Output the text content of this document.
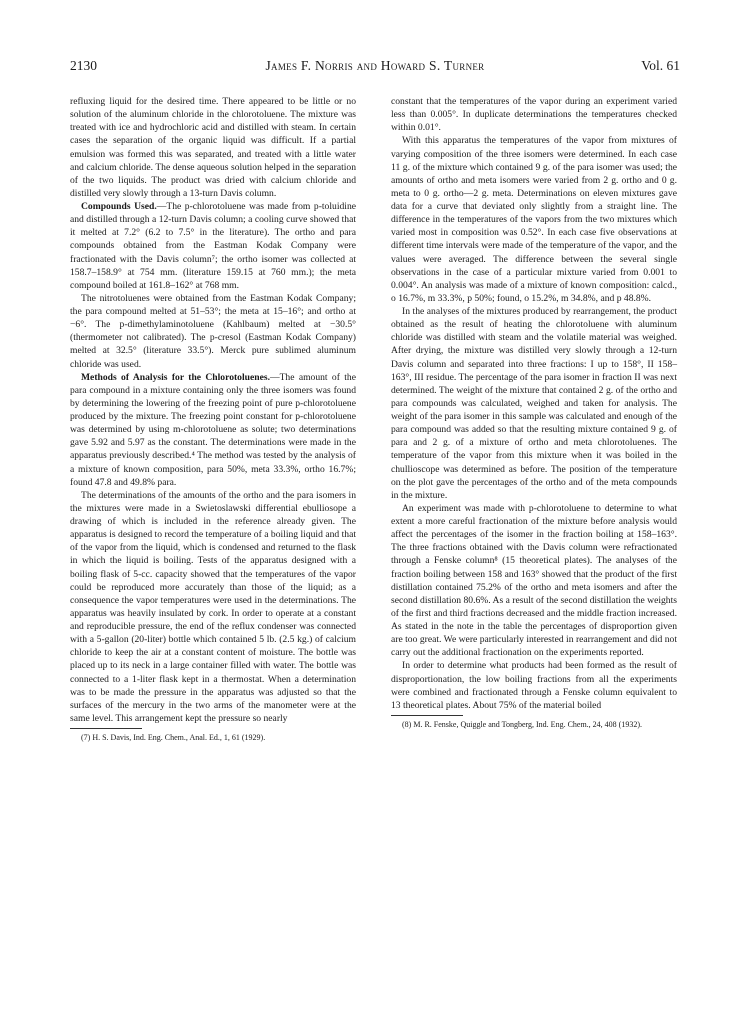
2130	James F. Norris and Howard S. Turner	Vol. 61

refluxing liquid for the desired time. There appeared to be little or no solution of the aluminum chloride in the chlorotoluene. The mixture was treated with ice and hydrochloric acid and distilled with steam. In certain cases the separation of the organic liquid was difficult. If a partial emulsion was formed this was separated, and treated with a little water and calcium chloride. The dense aqueous solution helped in the separation of the two liquids. The product was dried with calcium chloride and distilled very slowly through a 13-turn Davis column.

Compounds Used.—The p-chlorotoluene was made from p-toluidine and distilled through a 12-turn Davis column; a cooling curve showed that it melted at 7.2° (6.2 to 7.5° in the literature). The ortho and para compounds obtained from the Eastman Kodak Company were fractionated with the Davis column⁷; the ortho isomer was collected at 158.7–158.9° at 754 mm. (literature 159.15 at 760 mm.); the meta compound boiled at 161.8–162° at 768 mm.

The nitrotoluenes were obtained from the Eastman Kodak Company; the para compound melted at 51–53°; the meta at 15–16°; and ortho at −6°. The p-dimethylaminotoluene (Kahlbaum) melted at −30.5° (thermometer not calibrated). The p-cresol (Eastman Kodak Company) melted at 32.5° (literature 33.5°). Merck pure sublimed aluminum chloride was used.

Methods of Analysis for the Chlorotoluenes.—The amount of the para compound in a mixture containing only the three isomers was found by determining the lowering of the freezing point of pure p-chlorotoluene produced by the mixture. The freezing point constant for p-chlorotoluene was determined by using m-chlorotoluene as solute; two determinations gave 5.92 and 5.97 as the constant. The determinations were made in the apparatus previously described.⁴ The method was tested by the analysis of a mixture of known composition, para 50%, meta 33.3%, ortho 16.7%; found 47.8 and 49.8% para.

The determinations of the amounts of the ortho and the para isomers in the mixtures were made in a Swietoslawski differential ebulliosope a drawing of which is included in the reference already given. The apparatus is designed to record the temperature of a boiling liquid and that of the vapor from the liquid, which is condensed and returned to the flask in which the liquid is boiling. Tests of the apparatus designed with a boiling flask of 5-cc. capacity showed that the temperatures of the vapor could be reproduced more accurately than those of the liquid; as a consequence the vapor temperatures were used in the determinations. The apparatus was heavily insulated by cork. In order to operate at a constant and reproducible pressure, the end of the reflux condenser was connected with a 5-gallon (20-liter) bottle which contained 5 lb. (2.5 kg.) of calcium chloride to keep the air at a constant content of moisture. The bottle was placed up to its neck in a large container filled with water. The bottle was connected to a 1-liter flask kept in a thermostat. When a determination was to be made the pressure in the apparatus was adjusted so that the surfaces of the mercury in the two arms of the manometer were at the same level. This arrangement kept the pressure so nearly

(7) H. S. Davis, Ind. Eng. Chem., Anal. Ed., 1, 61 (1929).

constant that the temperatures of the vapor during an experiment varied less than 0.005°. In duplicate determinations the temperatures checked within 0.01°.

With this apparatus the temperatures of the vapor from mixtures of varying composition of the three isomers were determined. In each case 11 g. of the mixture which contained 9 g. of the para isomer was used; the amounts of ortho and meta isomers were varied from 2 g. ortho and 0 g. meta to 0 g. ortho—2 g. meta. Determinations on eleven mixtures gave data for a curve that deviated only slightly from a straight line. The difference in the temperatures of the vapors from the two mixtures which varied most in composition was 0.52°. In each case five observations at different time intervals were made of the temperature of the vapor, and the values were averaged. The difference between the several single observations in the case of a particular mixture varied from 0.001 to 0.004°. An analysis was made of a mixture of known composition: calcd., o 16.7%, m 33.3%, p 50%; found, o 15.2%, m 34.8%, and p 48.8%.

In the analyses of the mixtures produced by rearrangement, the product obtained as the result of heating the chlorotoluene with aluminum chloride was distilled with steam and the volatile material was weighed. After drying, the mixture was distilled very slowly through a 12-turn Davis column and separated into three fractions: I up to 158°, II 158–163°, III residue. The percentage of the para isomer in fraction II was next determined. The weight of the mixture that contained 2 g. of the ortho and para compounds was calculated, weighed and taken for analysis. The weight of the para isomer in this sample was calculated and enough of the para compound was added so that the resulting mixture contained 9 g. of para and 2 g. of a mixture of ortho and meta chlorotoluenes. The temperature of the vapor from this mixture when it was boiled in the chullioscope was determined as before. The position of the temperature on the plot gave the percentages of the ortho and of the meta compounds in the mixture.

An experiment was made with p-chlorotoluene to determine to what extent a more careful fractionation of the mixture before analysis would affect the percentages of the isomer in the fraction boiling at 158–163°. The three fractions obtained with the Davis column were refractionated through a Fenske column⁸ (15 theoretical plates). The analyses of the fraction boiling between 158 and 163° showed that the product of the first distillation contained 75.2% of the ortho and meta isomers and after the second distillation 80.6%. As a result of the second distillation the weights of the first and third fractions decreased and the middle fraction increased. As stated in the note in the table the percentages of disproportion given are too great. We were particularly interested in rearrangement and did not carry out the additional fractionation on the experiments reported.

In order to determine what products had been formed as the result of disproportionation, the low boiling fractions from all the experiments were combined and fractionated through a Fenske column equivalent to 13 theoretical plates. About 75% of the material boiled

(8) M. R. Fenske, Quiggle and Tongberg, Ind. Eng. Chem., 24, 408 (1932).
